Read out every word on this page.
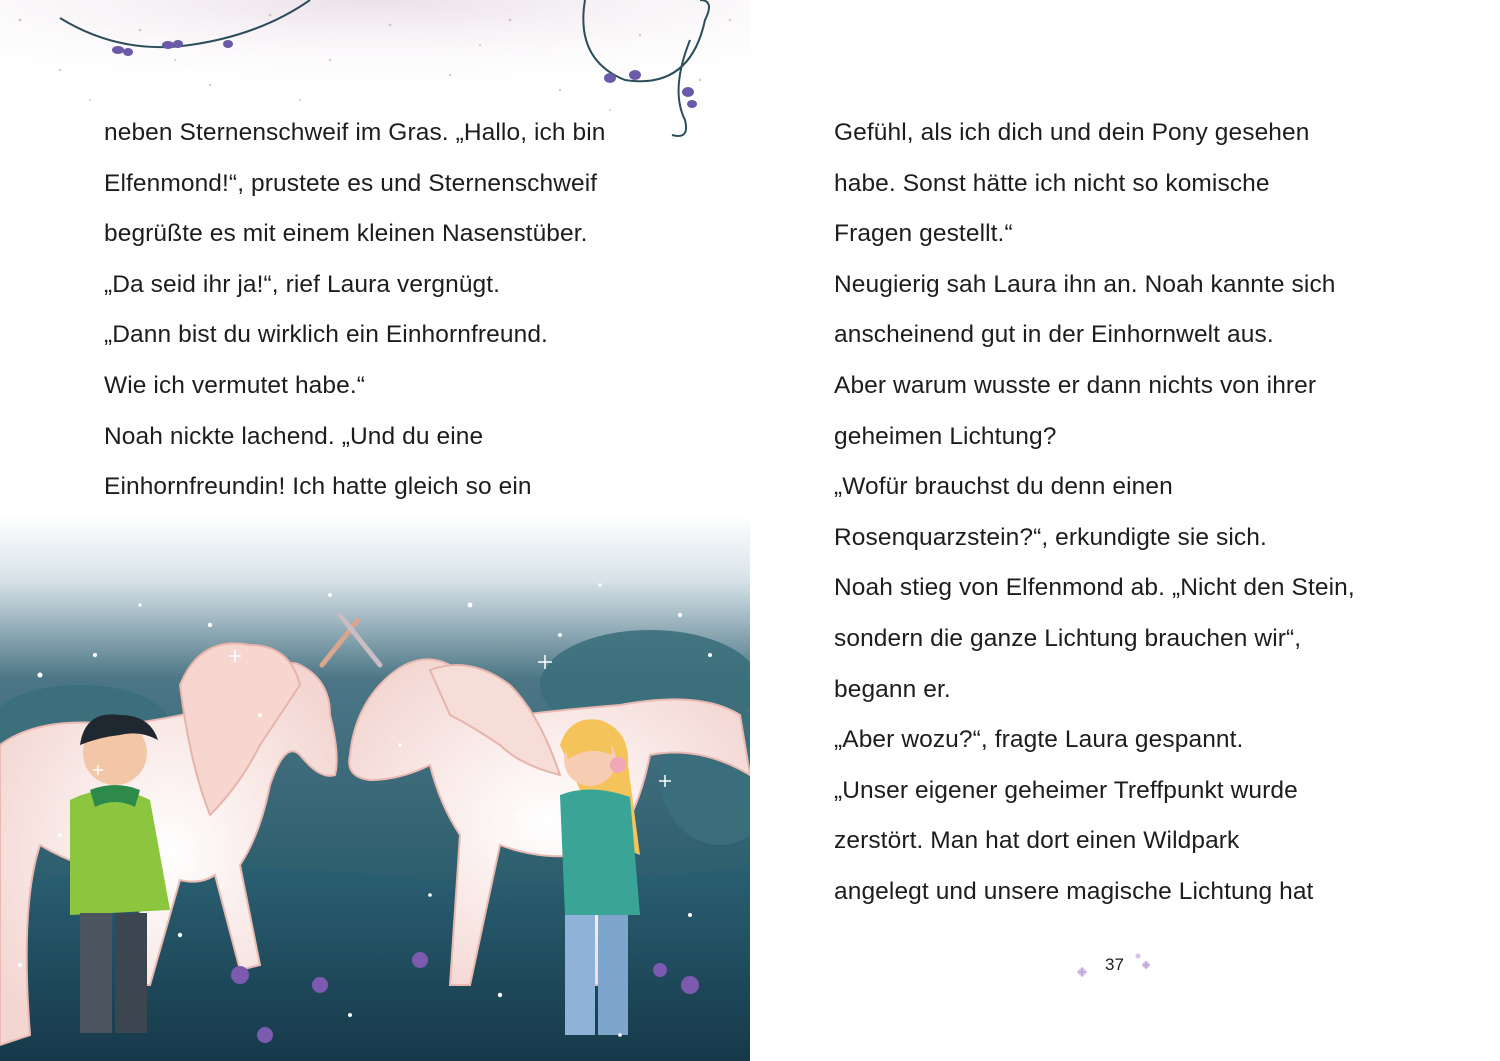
neben Sternenschweif im Gras. „Hallo, ich bin
Elfenmond!“, prustete es und Sternenschweif
begrüßte es mit einem kleinen Nasenstüber.
„Da seid ihr ja!“, rief Laura vergnügt.
„Dann bist du wirklich ein Einhornfreund.
Wie ich vermutet habe.“
Noah nickte lachend. „Und du eine
Einhornfreundin! Ich hatte gleich so ein
Gefühl, als ich dich und dein Pony gesehen
habe. Sonst hätte ich nicht so komische
Fragen gestellt.“
Neugierig sah Laura ihn an. Noah kannte sich
anscheinend gut in der Einhornwelt aus.
Aber warum wusste er dann nichts von ihrer
geheimen Lichtung?
„Wofür brauchst du denn einen
Rosenquarzstein?“, erkundigte sie sich.
Noah stieg von Elfenmond ab. „Nicht den Stein,
sondern die ganze Lichtung brauchen wir“,
begann er.
„Aber wozu?“, fragte Laura gespannt.
„Unser eigener geheimer Treffpunkt wurde
zerstört. Man hat dort einen Wildpark
angelegt und unsere magische Lichtung hat
37
